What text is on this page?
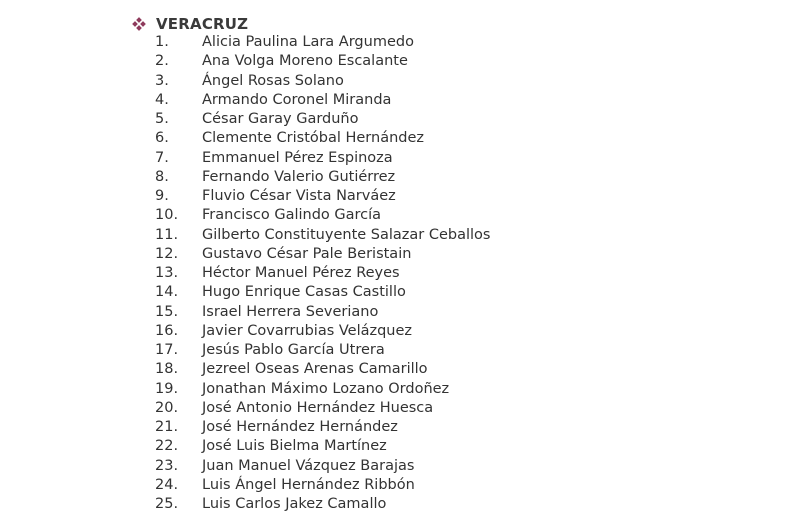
VERACRUZ
1.	Alicia Paulina Lara Argumedo
2.	Ana Volga Moreno Escalante
3.	Ángel Rosas Solano
4.	Armando Coronel Miranda
5.	César Garay Garduño
6.	Clemente Cristóbal Hernández
7.	Emmanuel Pérez Espinoza
8.	Fernando Valerio Gutiérrez
9.	Fluvio César Vista Narváez
10.	Francisco Galindo García
11.	Gilberto Constituyente Salazar Ceballos
12.	Gustavo César Pale Beristain
13.	Héctor Manuel Pérez Reyes
14.	Hugo Enrique Casas Castillo
15.	Israel Herrera Severiano
16.	Javier Covarrubias Velázquez
17.	Jesús Pablo García Utrera
18.	Jezreel Oseas Arenas Camarillo
19.	Jonathan Máximo Lozano Ordoñez
20.	José Antonio Hernández Huesca
21.	José Hernández Hernández
22.	José Luis Bielma Martínez
23.	Juan Manuel Vázquez Barajas
24.	Luis Ángel Hernández Ribbón
25.	Luis Carlos Jakez Camallo
